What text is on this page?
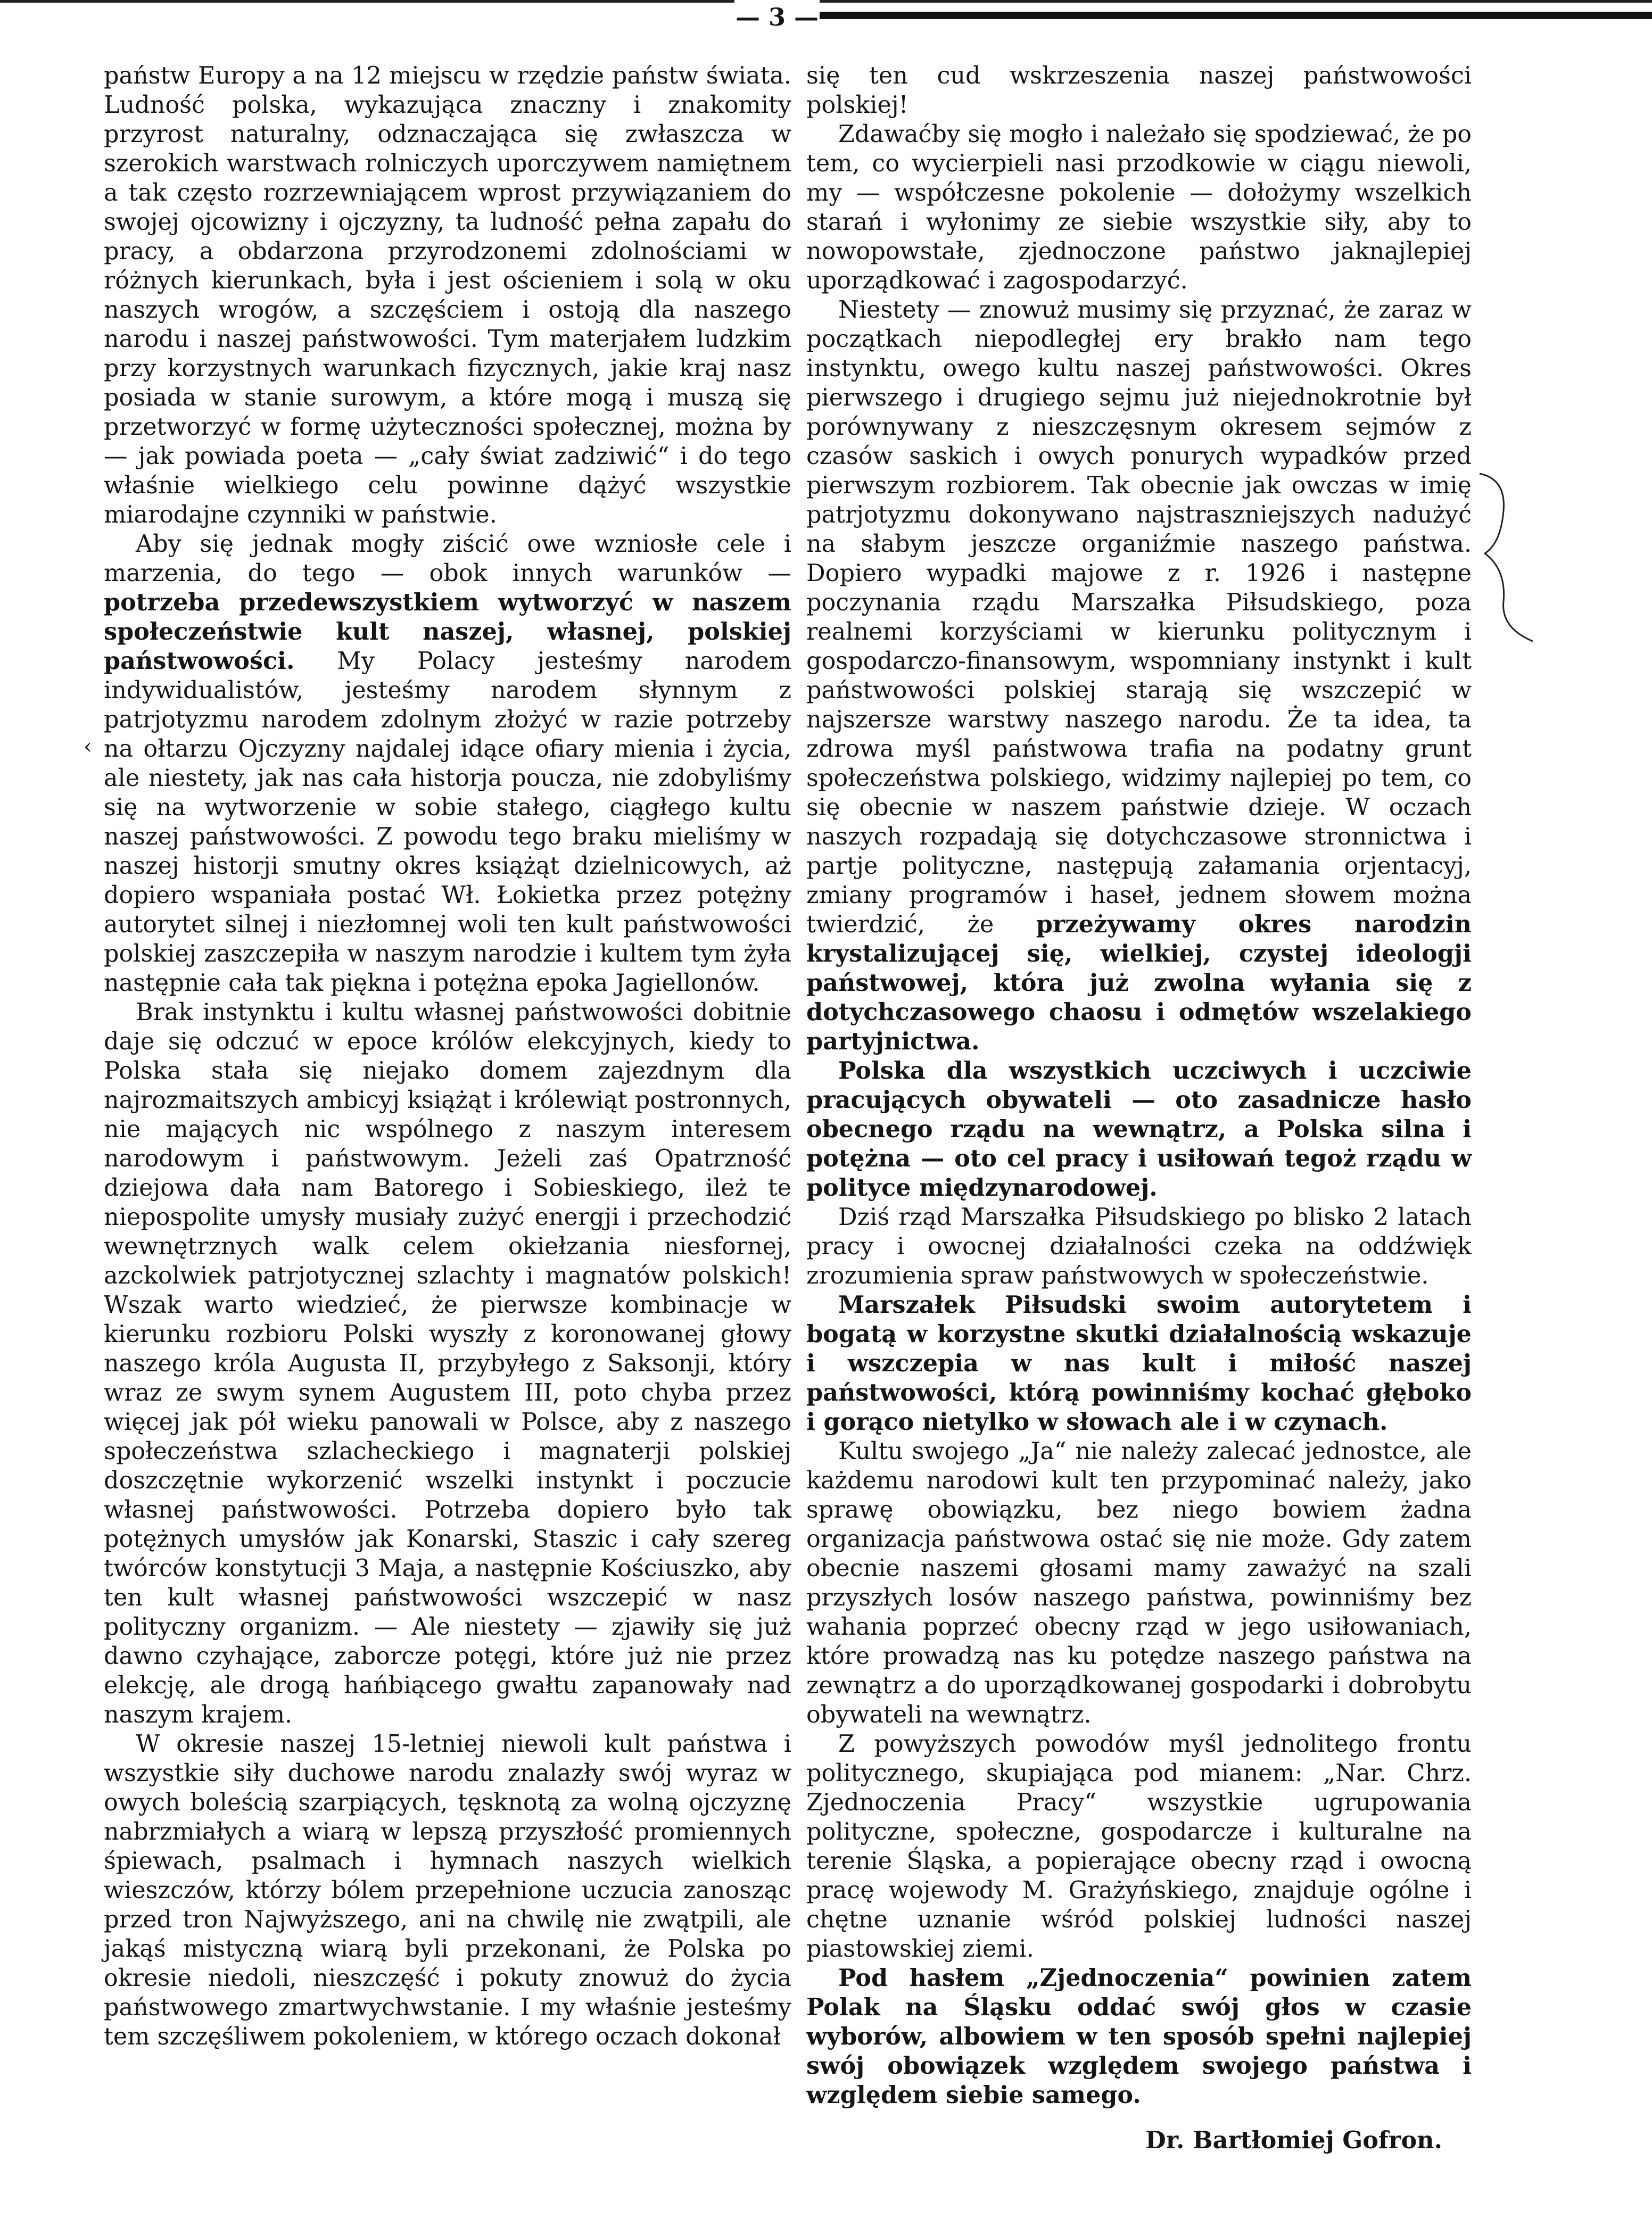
— 3 —
‹

państw Europy a na 12 miejscu w rzędzie państw świata. Ludność polska, wykazująca znaczny i znakomity przyrost naturalny, odznaczająca się zwłaszcza w szerokich warstwach rolniczych uporczywem namiętnem a tak często rozrzewniającem wprost przywiązaniem do swojej ojcowizny i ojczyzny, ta ludność pełna zapału do pracy, a obdarzona przyrodzonemi zdolnościami w różnych kierunkach, była i jest ościeniem i solą w oku naszych wrogów, a szczęściem i ostoją dla naszego narodu i naszej państwowości. Tym materjałem ludzkim przy korzystnych warunkach fizycznych, jakie kraj nasz posiada w stanie surowym, a które mogą i muszą się przetworzyć w formę użyteczności społecznej, można by — jak powiada poeta — „cały świat zadziwić“ i do tego właśnie wielkiego celu powinne dążyć wszystkie miarodajne czynniki w państwie.

Aby się jednak mogły ziścić owe wzniosłe cele i marzenia, do tego — obok innych warunków — potrzeba przedewszystkiem wytworzyć w naszem społeczeństwie kult naszej, własnej, polskiej państwowości. My Polacy jesteśmy narodem indywidualistów, jesteśmy narodem słynnym z patrjotyzmu narodem zdolnym złożyć w razie potrzeby na ołtarzu Ojczyzny najdalej idące ofiary mienia i życia, ale niestety, jak nas cała historja poucza, nie zdobyliśmy się na wytworzenie w sobie stałego, ciągłego kultu naszej państwowości. Z powodu tego braku mieliśmy w naszej historji smutny okres książąt dzielnicowych, aż dopiero wspaniała postać Wł. Łokietka przez potężny autorytet silnej i niezłomnej woli ten kult państwowości polskiej zaszczepiła w naszym narodzie i kultem tym żyła następnie cała tak piękna i potężna epoka Jagiellonów.

Brak instynktu i kultu własnej państwowości dobitnie daje się odczuć w epoce królów elekcyjnych, kiedy to Polska stała się niejako domem zajezdnym dla najrozmaitszych ambicyj książąt i królewiąt postronnych, nie mających nic wspólnego z naszym interesem narodowym i państwowym. Jeżeli zaś Opatrzność dziejowa dała nam Batorego i Sobieskiego, ileż te niepospolite umysły musiały zużyć energji i przechodzić wewnętrznych walk celem okiełzania niesfornej, azckolwiek patrjotycznej szlachty i magnatów polskich! Wszak warto wiedzieć, że pierwsze kombinacje w kierunku rozbioru Polski wyszły z koronowanej głowy naszego króla Augusta II, przybyłego z Saksonji, który wraz ze swym synem Augustem III, poto chyba przez więcej jak pół wieku panowali w Polsce, aby z naszego społeczeństwa szlacheckiego i magnaterji polskiej doszczętnie wykorzenić wszelki instynkt i poczucie własnej państwowości. Potrzeba dopiero było tak potężnych umysłów jak Konarski, Staszic i cały szereg twórców konstytucji 3 Maja, a następnie Kościuszko, aby ten kult własnej państwowości wszczepić w nasz polityczny organizm. — Ale niestety — zjawiły się już dawno czyhające, zaborcze potęgi, które już nie przez elekcję, ale drogą hańbiącego gwałtu zapanowały nad naszym krajem.

W okresie naszej 15-letniej niewoli kult państwa i wszystkie siły duchowe narodu znalazły swój wyraz w owych boleścią szarpiących, tęsknotą za wolną ojczyznę nabrzmiałych a wiarą w lepszą przyszłość promiennych śpiewach, psalmach i hymnach naszych wielkich wieszczów, którzy bólem przepełnione uczucia zanosząc przed tron Najwyższego, ani na chwilę nie zwątpili, ale jakąś mistyczną wiarą byli przekonani, że Polska po okresie niedoli, nieszczęść i pokuty znowuż do życia państwowego zmartwychwstanie. I my właśnie jesteśmy tem szczęśliwem pokoleniem, w którego oczach dokonał

się ten cud wskrzeszenia naszej państwowości polskiej!

Zdawaćby się mogło i należało się spodziewać, że po tem, co wycierpieli nasi przodkowie w ciągu niewoli, my — współczesne pokolenie — dołożymy wszelkich starań i wyłonimy ze siebie wszystkie siły, aby to nowopowstałe, zjednoczone państwo jaknajlepiej uporządkować i zagospodarzyć.

Niestety — znowuż musimy się przyznać, że zaraz w początkach niepodległej ery brakło nam tego instynktu, owego kultu naszej państwowości. Okres pierwszego i drugiego sejmu już niejednokrotnie był porównywany z nieszczęsnym okresem sejmów z czasów saskich i owych ponurych wypadków przed pierwszym rozbiorem. Tak obecnie jak owczas w imię patrjotyzmu dokonywano najstraszniejszych nadużyć na słabym jeszcze organiźmie naszego państwa. Dopiero wypadki majowe z r. 1926 i następne poczynania rządu Marszałka Piłsudskiego, poza realnemi korzyściami w kierunku politycznym i gospodarczo-finansowym, wspomniany instynkt i kult państwowości polskiej starają się wszczepić w najszersze warstwy naszego narodu. Że ta idea, ta zdrowa myśl państwowa trafia na podatny grunt społeczeństwa polskiego, widzimy najlepiej po tem, co się obecnie w naszem państwie dzieje. W oczach naszych rozpadają się dotychczasowe stronnictwa i partje polityczne, następują załamania orjentacyj, zmiany programów i haseł, jednem słowem można twierdzić, że przeżywamy okres narodzin krystalizującej się, wielkiej, czystej ideologji państwowej, która już zwolna wyłania się z dotychczasowego chaosu i odmętów wszelakiego partyjnictwa.

Polska dla wszystkich uczciwych i uczciwie pracujących obywateli — oto zasadnicze hasło obecnego rządu na wewnątrz, a Polska silna i potężna — oto cel pracy i usiłowań tegoż rządu w polityce międzynarodowej.

Dziś rząd Marszałka Piłsudskiego po blisko 2 latach pracy i owocnej działalności czeka na oddźwięk zrozumienia spraw państwowych w społeczeństwie.

Marszałek Piłsudski swoim autorytetem i bogatą w korzystne skutki działalnością wskazuje i wszczepia w nas kult i miłość naszej państwowości, którą powinniśmy kochać głęboko i gorąco nietylko w słowach ale i w czynach.

Kultu swojego „Ja“ nie należy zalecać jednostce, ale każdemu narodowi kult ten przypominać należy, jako sprawę obowiązku, bez niego bowiem żadna organizacja państwowa ostać się nie może. Gdy zatem obecnie naszemi głosami mamy zaważyć na szali przyszłych losów naszego państwa, powinniśmy bez wahania poprzeć obecny rząd w jego usiłowaniach, które prowadzą nas ku potędze naszego państwa na zewnątrz a do uporządkowanej gospodarki i dobrobytu obywateli na wewnątrz.

Z powyższych powodów myśl jednolitego frontu politycznego, skupiająca pod mianem: „Nar. Chrz. Zjednoczenia Pracy“ wszystkie ugrupowania polityczne, społeczne, gospodarcze i kulturalne na terenie Śląska, a popierające obecny rząd i owocną pracę wojewody M. Grażyńskiego, znajduje ogólne i chętne uznanie wśród polskiej ludności naszej piastowskiej ziemi.

Pod hasłem „Zjednoczenia“ powinien zatem Polak na Śląsku oddać swój głos w czasie wyborów, albowiem w ten sposób spełni najlepiej swój obowiązek względem swojego państwa i względem siebie samego.

Dr. Bartłomiej Gofron.
